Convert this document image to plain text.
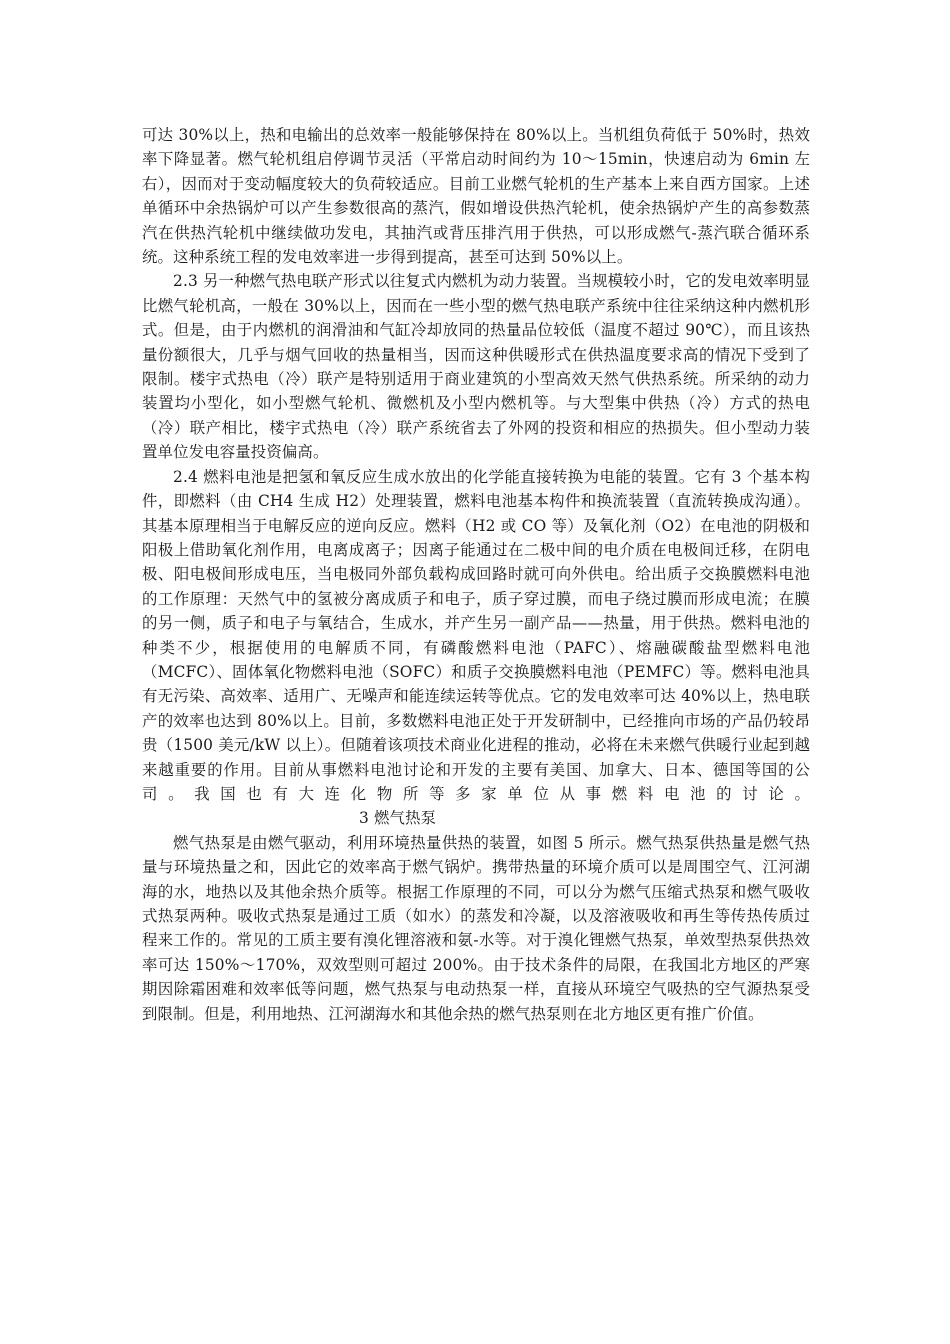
可达 30%以上，热和电输出的总效率一般能够保持在 80%以上。当机组负荷低于 50%时，热效率下降显著。燃气轮机组启停调节灵活（平常启动时间约为 10～15min，快速启动为 6min 左右），因而对于变动幅度较大的负荷较适应。目前工业燃气轮机的生产基本上来自西方国家。上述单循环中余热锅炉可以产生参数很高的蒸汽，假如增设供热汽轮机，使余热锅炉产生的高参数蒸汽在供热汽轮机中继续做功发电，其抽汽或背压排汽用于供热，可以形成燃气-蒸汽联合循环系统。这种系统工程的发电效率进一步得到提高，甚至可达到 50%以上。

2.3 另一种燃气热电联产形式以往复式内燃机为动力装置。当规模较小时，它的发电效率明显比燃气轮机高，一般在 30%以上，因而在一些小型的燃气热电联产系统中往往采纳这种内燃机形式。但是，由于内燃机的润滑油和气缸冷却放同的热量品位较低（温度不超过 90℃），而且该热量份额很大，几乎与烟气回收的热量相当，因而这种供暖形式在供热温度要求高的情况下受到了限制。楼宇式热电（冷）联产是特别适用于商业建筑的小型高效天然气供热系统。所采纳的动力装置均小型化，如小型燃气轮机、微燃机及小型内燃机等。与大型集中供热（冷）方式的热电（冷）联产相比，楼宇式热电（冷）联产系统省去了外网的投资和相应的热损失。但小型动力装置单位发电容量投资偏高。

2.4 燃料电池是把氢和氧反应生成水放出的化学能直接转换为电能的装置。它有 3 个基本构件，即燃料（由 CH4 生成 H2）处理装置，燃料电池基本构件和换流装置（直流转换成沟通）。其基本原理相当于电解反应的逆向反应。燃料（H2 或 CO 等）及氧化剂（O2）在电池的阴极和阳极上借助氧化剂作用，电离成离子；因离子能通过在二极中间的电介质在电极间迁移，在阴电极、阳电极间形成电压，当电极同外部负载构成回路时就可向外供电。给出质子交换膜燃料电池的工作原理：天然气中的氢被分离成质子和电子，质子穿过膜，而电子绕过膜而形成电流；在膜的另一侧，质子和电子与氧结合，生成水，并产生另一副产品——热量，用于供热。燃料电池的种类不少，根据使用的电解质不同，有磷酸燃料电池（PAFC）、熔融碳酸盐型燃料电池（MCFC）、固体氧化物燃料电池（SOFC）和质子交换膜燃料电池（PEMFC）等。燃料电池具有无污染、高效率、适用广、无噪声和能连续运转等优点。它的发电效率可达 40%以上，热电联产的效率也达到 80%以上。目前，多数燃料电池正处于开发研制中，已经推向市场的产品仍较昂贵（1500 美元/kW 以上）。但随着该项技术商业化进程的推动，必将在未来燃气供暖行业起到越来越重要的作用。目前从事燃料电池讨论和开发的主要有美国、加拿大、日本、德国等国的公司。我国也有大连化物所等多家单位从事燃料电池的讨论。3 燃气热泵

燃气热泵是由燃气驱动，利用环境热量供热的装置，如图 5 所示。燃气热泵供热量是燃气热量与环境热量之和，因此它的效率高于燃气锅炉。携带热量的环境介质可以是周围空气、江河湖海的水，地热以及其他余热介质等。根据工作原理的不同，可以分为燃气压缩式热泵和燃气吸收式热泵两种。吸收式热泵是通过工质（如水）的蒸发和冷凝，以及溶液吸收和再生等传热传质过程来工作的。常见的工质主要有溴化锂溶液和氨-水等。对于溴化锂燃气热泵，单效型热泵供热效率可达 150%～170%，双效型则可超过 200%。由于技术条件的局限，在我国北方地区的严寒期因除霜困难和效率低等问题，燃气热泵与电动热泵一样，直接从环境空气吸热的空气源热泵受到限制。但是，利用地热、江河湖海水和其他余热的燃气热泵则在北方地区更有推广价值。
